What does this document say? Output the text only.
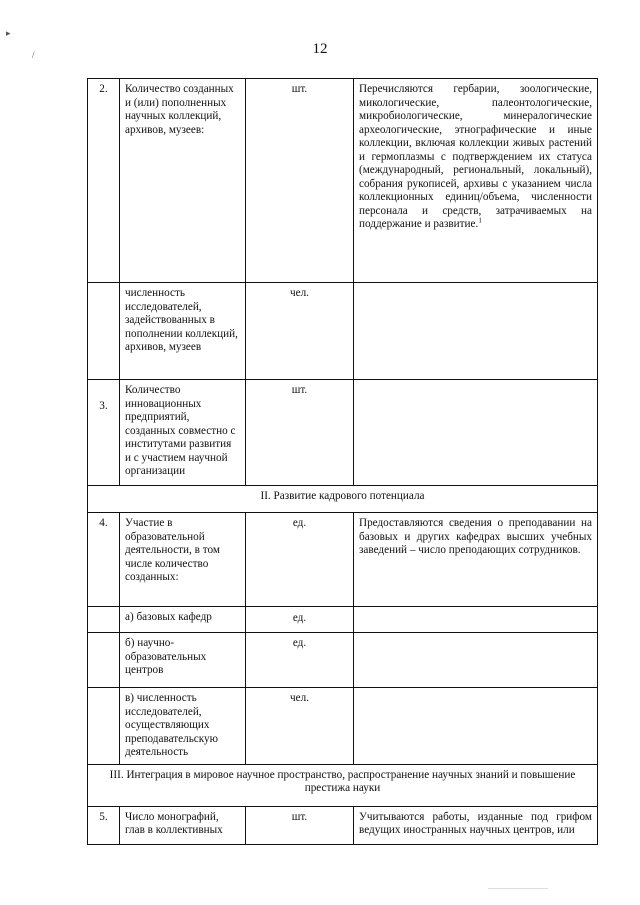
12
▸
/
2.	Количество созданных и (или) пополненных научных коллекций, архивов, музеев:	шт.	Перечисляются гербарии, зоологические, микологические, палеонтологические, микробиологические, минералогические археологические, этнографические и иные коллекции, включая коллекции живых растений и гермоплазмы с подтверждением их статуса (международный, региональный, локальный), собрания рукописей, архивы с указанием числа коллекционных единиц/объема, численности персонала и средств, затрачиваемых на поддержание и развитие.$^1$
	численность исследователей, задействованных в пополнении коллекций, архивов, музеев	чел.	
3.	Количество инновационных предприятий, созданных совместно с институтами развития и с участием научной организации	шт.	
II. Развитие кадрового потенциала			
4.	Участие в образовательной деятельности, в том числе количество созданных:	ед.	Предоставляются сведения о преподавании на базовых и других кафедрах высших учебных заведений – число преподающих сотрудников.
	а) базовых кафедр	ед.	
	б) научно-образовательных центров	ед.	
	в) численность исследователей, осуществляющих преподавательскую деятельность	чел.	
III. Интеграция в мировое научное пространство, распространение научных знаний и повышение престижа науки			
5.	Число монографий, глав в коллективных	шт.	Учитываются работы, изданные под грифом ведущих иностранных научных центров, или
